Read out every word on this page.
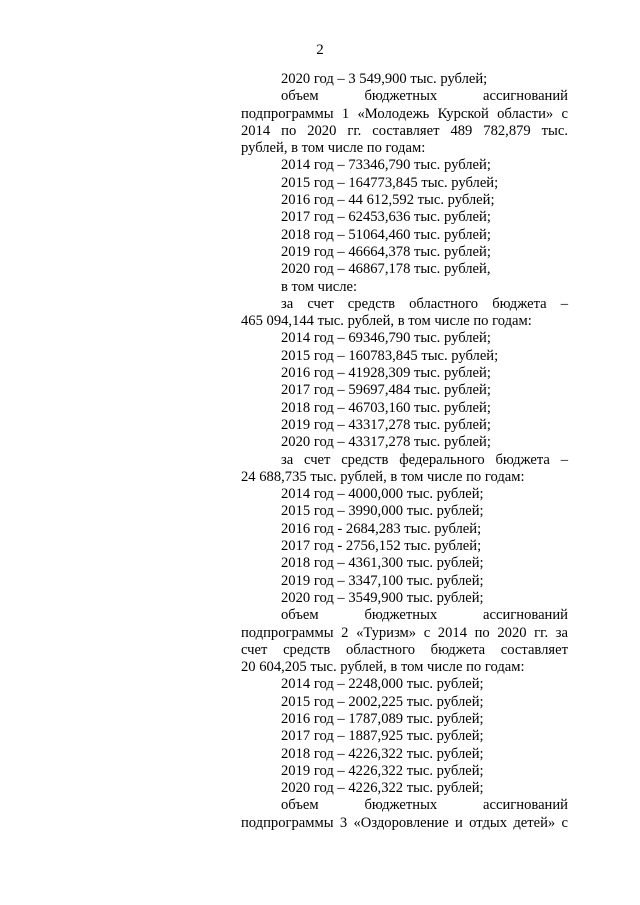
2
2020 год – 3 549,900 тыс. рублей;
объем бюджетных ассигнований
подпрограммы 1 «Молодежь Курской области» с
2014 по 2020 гг. составляет 489 782,879 тыс.
рублей, в том числе по годам:
2014 год – 73346,790 тыс. рублей;
2015 год – 164773,845 тыс. рублей;
2016 год – 44 612,592 тыс. рублей;
2017 год – 62453,636 тыс. рублей;
2018 год – 51064,460 тыс. рублей;
2019 год – 46664,378 тыс. рублей;
2020 год – 46867,178 тыс. рублей,
в том числе:
за счет средств областного бюджета –
465 094,144 тыс. рублей, в том числе по годам:
2014 год – 69346,790 тыс. рублей;
2015 год – 160783,845 тыс. рублей;
2016 год – 41928,309 тыс. рублей;
2017 год – 59697,484 тыс. рублей;
2018 год – 46703,160 тыс. рублей;
2019 год – 43317,278 тыс. рублей;
2020 год – 43317,278 тыс. рублей;
за счет средств федерального бюджета –
24 688,735 тыс. рублей, в том числе по годам:
2014 год – 4000,000 тыс. рублей;
2015 год – 3990,000 тыс. рублей;
2016 год - 2684,283 тыс. рублей;
2017 год - 2756,152 тыс. рублей;
2018 год – 4361,300 тыс. рублей;
2019 год – 3347,100 тыс. рублей;
2020 год – 3549,900 тыс. рублей;
объем бюджетных ассигнований
подпрограммы 2 «Туризм» с 2014 по 2020 гг. за
счет средств областного бюджета составляет
20 604,205 тыс. рублей, в том числе по годам:
2014 год – 2248,000 тыс. рублей;
2015 год – 2002,225 тыс. рублей;
2016 год – 1787,089 тыс. рублей;
2017 год – 1887,925 тыс. рублей;
2018 год – 4226,322 тыс. рублей;
2019 год – 4226,322 тыс. рублей;
2020 год – 4226,322 тыс. рублей;
объем бюджетных ассигнований
подпрограммы 3 «Оздоровление и отдых детей» с
